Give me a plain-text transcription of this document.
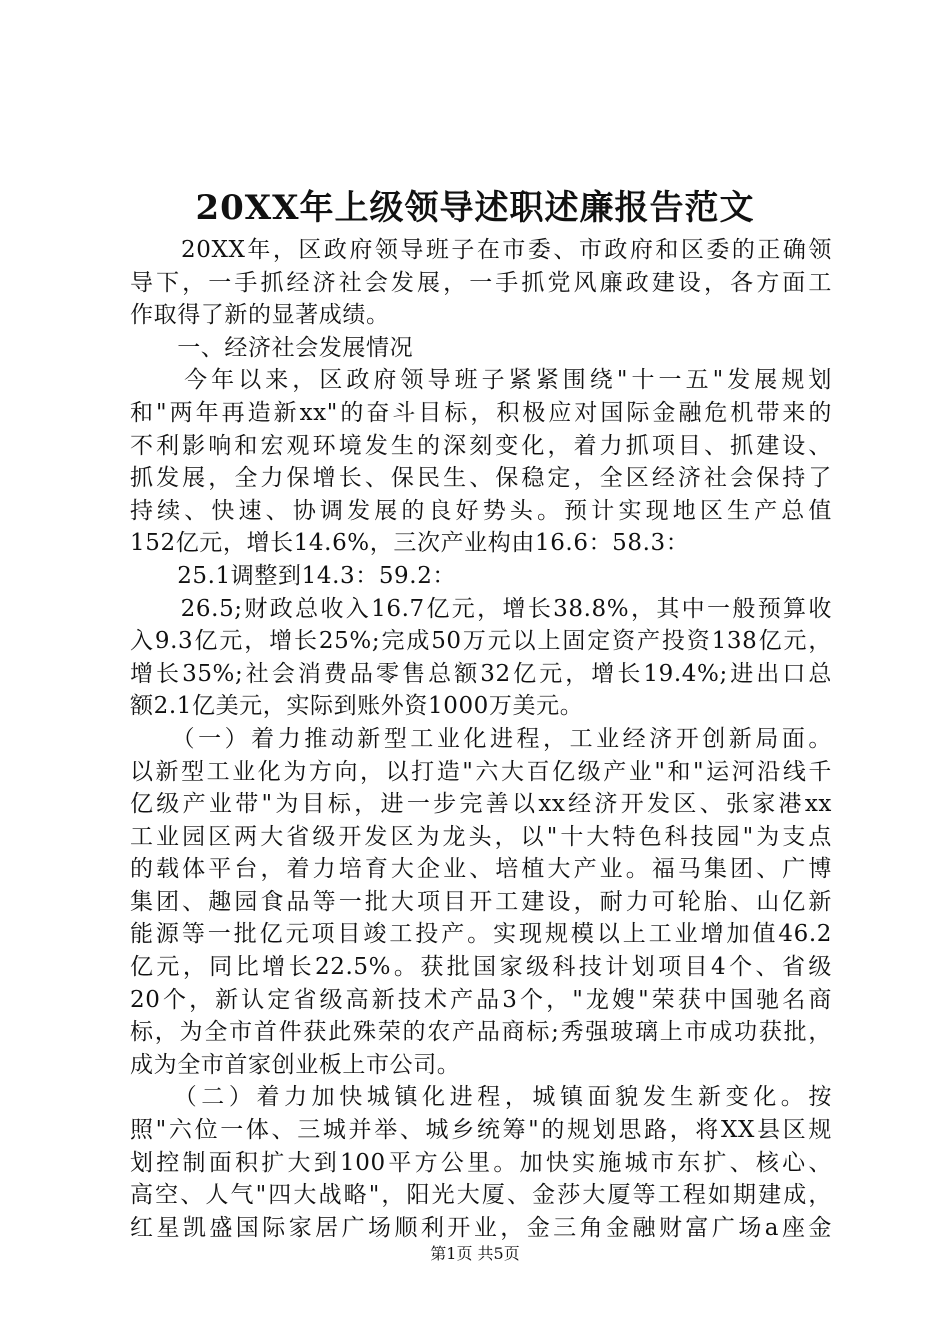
20XX年上级领导述职述廉报告范文
　　20XX年，区政府领导班子在市委、市政府和区委的正确领
导下，一手抓经济社会发展，一手抓党风廉政建设，各方面工
作取得了新的显著成绩。
　　一、经济社会发展情况
　　今年以来，区政府领导班子紧紧围绕"十一五"发展规划
和"两年再造新xx"的奋斗目标，积极应对国际金融危机带来的
不利影响和宏观环境发生的深刻变化，着力抓项目、抓建设、
抓发展，全力保增长、保民生、保稳定，全区经济社会保持了
持续、快速、协调发展的良好势头。预计实现地区生产总值
152亿元，增长14.6%，三次产业构由16.6：58.3：
　　25.1调整到14.3：59.2：
　　26.5;财政总收入16.7亿元，增长38.8%，其中一般预算收
入9.3亿元，增长25%;完成50万元以上固定资产投资138亿元，
增长35%;社会消费品零售总额32亿元，增长19.4%;进出口总
额2.1亿美元，实际到账外资1000万美元。
　　（一）着力推动新型工业化进程，工业经济开创新局面。
以新型工业化为方向，以打造"六大百亿级产业"和"运河沿线千
亿级产业带"为目标，进一步完善以xx经济开发区、张家港xx
工业园区两大省级开发区为龙头，以"十大特色科技园"为支点
的载体平台，着力培育大企业、培植大产业。福马集团、广博
集团、趣园食品等一批大项目开工建设，耐力可轮胎、山亿新
能源等一批亿元项目竣工投产。实现规模以上工业增加值46.2
亿元，同比增长22.5%。获批国家级科技计划项目4个、省级
20个，新认定省级高新技术产品3个，"龙嫂"荣获中国驰名商
标，为全市首件获此殊荣的农产品商标;秀强玻璃上市成功获批，
成为全市首家创业板上市公司。
　　（二）着力加快城镇化进程，城镇面貌发生新变化。按
照"六位一体、三城并举、城乡统筹"的规划思路，将XX县区规
划控制面积扩大到100平方公里。加快实施城市东扩、核心、
高空、人气"四大战略"，阳光大厦、金莎大厦等工程如期建成，
红星凯盛国际家居广场顺利开业，金三角金融财富广场a座金
第1页 共5页
